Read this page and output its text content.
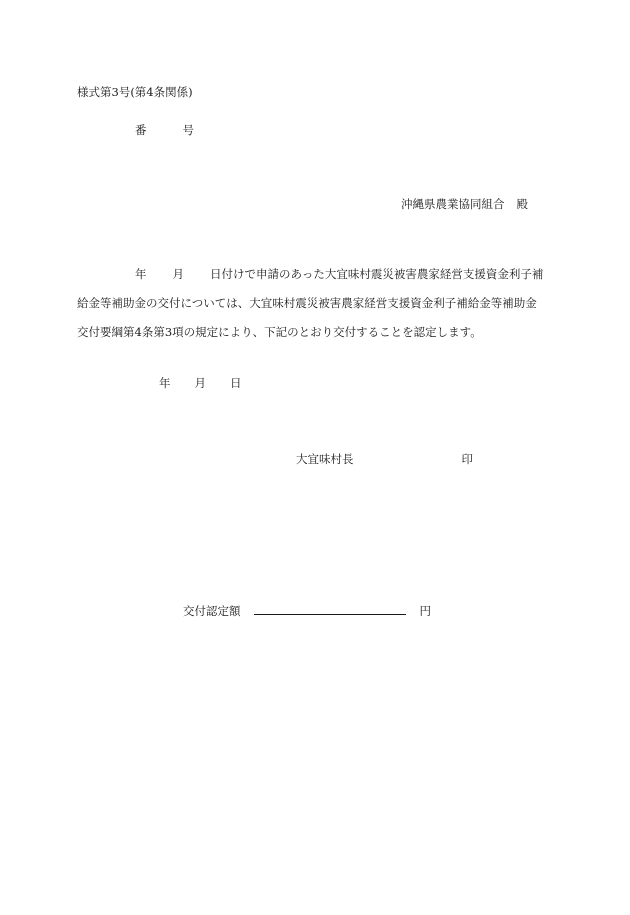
様式第3号(第4条関係)
番	号
沖縄県農業協同組合 殿
年 月 日付けで申請のあった大宜味村震災被害農家経営支援資金利子補
給金等補助金の交付については、大宜味村震災被害農家経営支援資金利子補給金等補助金
交付要綱第4条第3項の規定により、下記のとおり交付することを認定します。
年 月 日
大宜味村長	印
交付認定額	円
